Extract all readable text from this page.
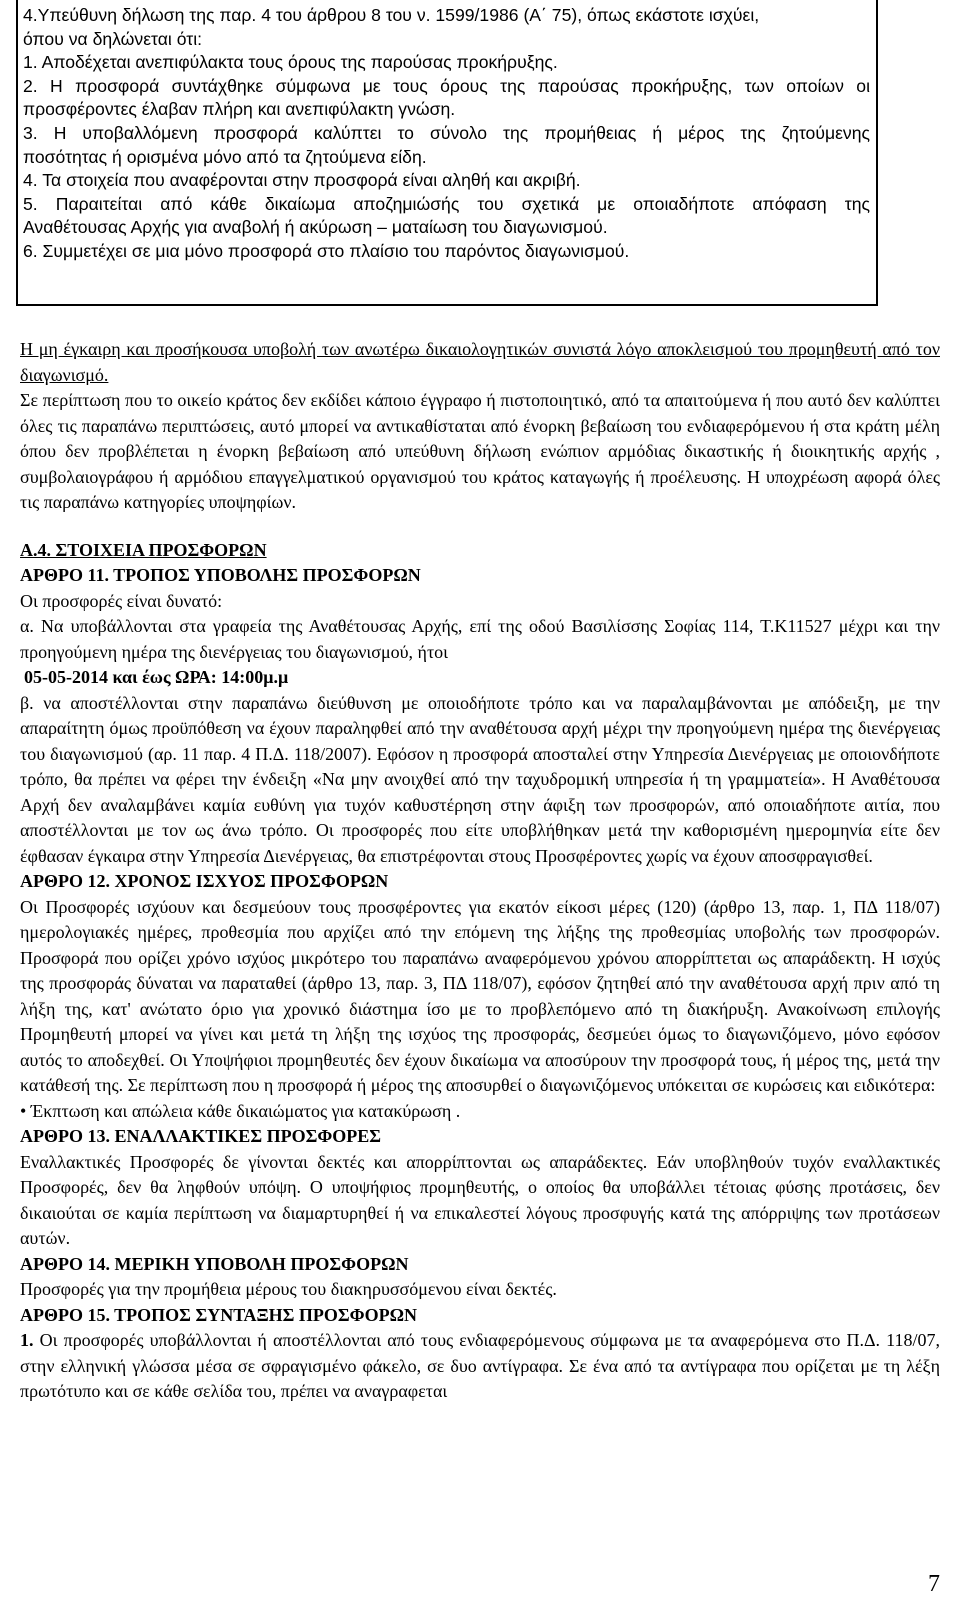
4.Υπεύθυνη δήλωση της παρ. 4 του άρθρου 8 του ν. 1599/1986 (Α΄ 75), όπως εκάστοτε ισχύει,
όπου να δηλώνεται ότι:
1. Αποδέχεται ανεπιφύλακτα τους όρους της παρούσας προκήρυξης.
2. Η προσφορά συντάχθηκε σύμφωνα με τους όρους της παρούσας προκήρυξης, των οποίων οι
προσφέροντες έλαβαν πλήρη και ανεπιφύλακτη γνώση.
3. Η υποβαλλόμενη προσφορά καλύπτει το σύνολο της προμήθειας ή μέρος της ζητούμενης
ποσότητας ή ορισμένα μόνο από τα ζητούμενα είδη.
4. Τα στοιχεία που αναφέρονται στην προσφορά είναι αληθή και ακριβή.
5. Παραιτείται από κάθε δικαίωμα αποζημιώσής του σχετικά με οποιαδήποτε απόφαση της
Αναθέτουσας Αρχής για αναβολή ή ακύρωση – ματαίωση του διαγωνισμού.
6. Συμμετέχει σε μια μόνο προσφορά στο πλαίσιο του παρόντος διαγωνισμού.

Η μη έγκαιρη και προσήκουσα υποβολή των ανωτέρω δικαιολογητικών συνιστά λόγο αποκλεισμού του προμηθευτή από τον διαγωνισμό.

Σε περίπτωση που το οικείο κράτος δεν εκδίδει κάποιο έγγραφο ή πιστοποιητικό, από τα απαιτούμενα ή που αυτό δεν καλύπτει όλες τις παραπάνω περιπτώσεις, αυτό μπορεί να αντικαθίσταται από ένορκη βεβαίωση του ενδιαφερόμενου ή στα κράτη μέλη όπου δεν προβλέπεται η ένορκη βεβαίωση από υπεύθυνη δήλωση ενώπιον αρμόδιας δικαστικής ή διοικητικής αρχής , συμβολαιογράφου ή αρμόδιου επαγγελματικού οργανισμού του κράτος καταγωγής ή προέλευσης. Η υποχρέωση αφορά όλες τις παραπάνω κατηγορίες υποψηφίων.

Α.4. ΣΤΟΙΧΕΙΑ ΠΡΟΣΦΟΡΩΝ
ΑΡΘΡΟ 11. ΤΡΟΠΟΣ ΥΠΟΒΟΛΗΣ ΠΡΟΣΦΟΡΩΝ

Οι προσφορές είναι δυνατό:

α. Να υποβάλλονται στα γραφεία της Αναθέτουσας Αρχής, επί της οδού Βασιλίσσης Σοφίας 114, Τ.Κ11527 μέχρι και την προηγούμενη ημέρα της διενέργειας του διαγωνισμού, ήτοι

05-05-2014 και έως ΩΡΑ: 14:00μ.μ

β. να αποστέλλονται στην παραπάνω διεύθυνση με οποιοδήποτε τρόπο και να παραλαμβάνονται με απόδειξη, με την απαραίτητη όμως προϋπόθεση να έχουν παραληφθεί από την αναθέτουσα αρχή μέχρι την προηγούμενη ημέρα της διενέργειας του διαγωνισμού (αρ. 11 παρ. 4 Π.Δ. 118/2007). Εφόσον η προσφορά αποσταλεί στην Υπηρεσία Διενέργειας με οποιονδήποτε τρόπο, θα πρέπει να φέρει την ένδειξη «Να μην ανοιχθεί από την ταχυδρομική υπηρεσία ή τη γραμματεία». Η Αναθέτουσα Αρχή δεν αναλαμβάνει καμία ευθύνη για τυχόν καθυστέρηση στην άφιξη των προσφορών, από οποιαδήποτε αιτία, που αποστέλλονται με τον ως άνω τρόπο. Οι προσφορές που είτε υποβλήθηκαν μετά την καθορισμένη ημερομηνία είτε δεν έφθασαν έγκαιρα στην Υπηρεσία Διενέργειας, θα επιστρέφονται στους Προσφέροντες χωρίς να έχουν αποσφραγισθεί.

ΑΡΘΡΟ 12. ΧΡΟΝΟΣ ΙΣΧΥΟΣ ΠΡΟΣΦΟΡΩΝ

Οι Προσφορές ισχύουν και δεσμεύουν τους προσφέροντες για εκατόν είκοσι μέρες (120) (άρθρο 13, παρ. 1, ΠΔ 118/07) ημερολογιακές ημέρες, προθεσμία που αρχίζει από την επόμενη της λήξης της προθεσμίας υποβολής των προσφορών. Προσφορά που ορίζει χρόνο ισχύος μικρότερο του παραπάνω αναφερόμενου χρόνου απορρίπτεται ως απαράδεκτη. Η ισχύς της προσφοράς δύναται να παραταθεί (άρθρο 13, παρ. 3, ΠΔ 118/07), εφόσον ζητηθεί από την αναθέτουσα αρχή πριν από τη λήξη της, κατ' ανώτατο όριο για χρονικό διάστημα ίσο με το προβλεπόμενο από τη διακήρυξη. Ανακοίνωση επιλογής Προμηθευτή μπορεί να γίνει και μετά τη λήξη της ισχύος της προσφοράς, δεσμεύει όμως το διαγωνιζόμενο, μόνο εφόσον αυτός το αποδεχθεί. Οι Υποψήφιοι προμηθευτές δεν έχουν δικαίωμα να αποσύρουν την προσφορά τους, ή μέρος της, μετά την κατάθεσή της. Σε περίπτωση που η προσφορά ή μέρος της αποσυρθεί ο διαγωνιζόμενος υπόκειται σε κυρώσεις και ειδικότερα:

• Έκπτωση και απώλεια κάθε δικαιώματος για κατακύρωση .

ΑΡΘΡΟ 13. ΕΝΑΛΛΑΚΤΙΚΕΣ ΠΡΟΣΦΟΡΕΣ

Εναλλακτικές Προσφορές δε γίνονται δεκτές και απορρίπτονται ως απαράδεκτες. Εάν υποβληθούν τυχόν εναλλακτικές Προσφορές, δεν θα ληφθούν υπόψη. Ο υποψήφιος προμηθευτής, ο οποίος θα υποβάλλει τέτοιας φύσης προτάσεις, δεν δικαιούται σε καμία περίπτωση να διαμαρτυρηθεί ή να επικαλεστεί λόγους προσφυγής κατά της απόρριψης των προτάσεων αυτών.

ΑΡΘΡΟ 14. ΜΕΡΙΚΗ ΥΠΟΒΟΛΗ ΠΡΟΣΦΟΡΩΝ

Προσφορές για την προμήθεια μέρους του διακηρυσσόμενου είναι δεκτές.

ΑΡΘΡΟ 15. ΤΡΟΠΟΣ ΣΥΝΤΑΞΗΣ ΠΡΟΣΦΟΡΩΝ

1. Οι προσφορές υποβάλλονται ή αποστέλλονται από τους ενδιαφερόμενους σύμφωνα με τα αναφερόμενα στο Π.Δ. 118/07, στην ελληνική γλώσσα μέσα σε σφραγισμένο φάκελο, σε δυο αντίγραφα. Σε ένα από τα αντίγραφα που ορίζεται με τη λέξη πρωτότυπο και σε κάθε σελίδα του, πρέπει να αναγραφεται

7
